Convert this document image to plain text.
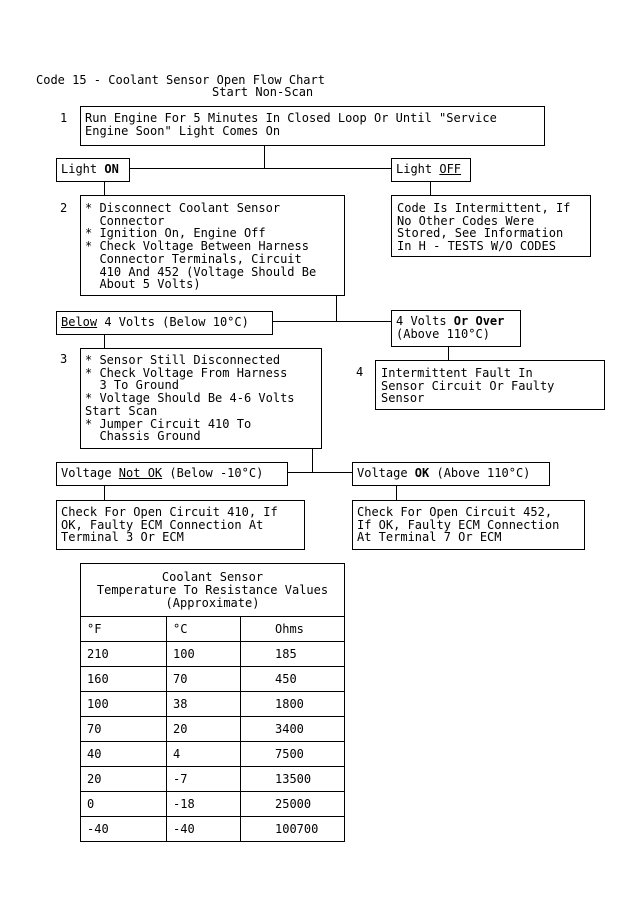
Code 15 - Coolant Sensor Open Flow Chart
Start Non-Scan
1 Run Engine For 5 Minutes In Closed Loop Or Until "Service
Engine Soon" Light Comes On
Light ON	Light OFF
2 * Disconnect Coolant Sensor
Connector
* Ignition On, Engine Off
* Check Voltage Between Harness
Connector Terminals, Circuit
410 And 452 (Voltage Should Be
About 5 Volts)
Code Is Intermittent, If
No Other Codes Were
Stored, See Information
In H - TESTS W/O CODES
Below 4 Volts (Below 10°C)	4 Volts Or Over
(Above 110°C)
3 * Sensor Still Disconnected
* Check Voltage From Harness
3 To Ground
* Voltage Should Be 4-6 Volts
Start Scan
* Jumper Circuit 410 To
Chassis Ground
4 Intermittent Fault In
Sensor Circuit Or Faulty
Sensor
Voltage Not OK (Below -10°C)	Voltage OK (Above 110°C)
Check For Open Circuit 410, If
OK, Faulty ECM Connection At
Terminal 3 Or ECM
Check For Open Circuit 452,
If OK, Faulty ECM Connection
At Terminal 7 Or ECM
Coolant Sensor
Temperature To Resistance Values
(Approximate)		
°F	°C	Ohms
210	100	185
160	70	450
100	38	1800
70	20	3400
40	4	7500
20	-7	13500
0	-18	25000
-40	-40	100700
